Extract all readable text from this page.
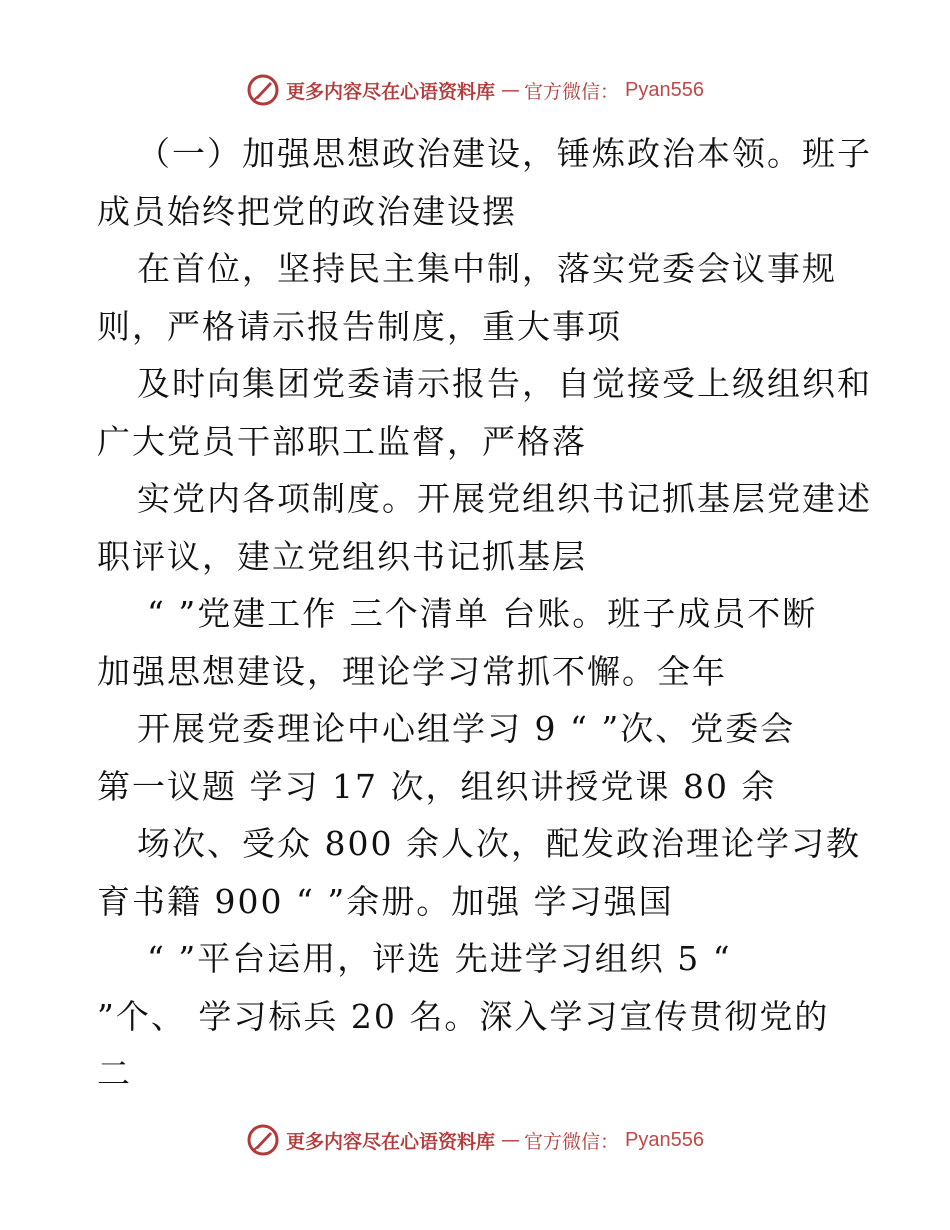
更多内容尽在心语资料库 — 官方微信： Pyan556
（一）加强思想政治建设，锤炼政治本领。班子
成员始终把党的政治建设摆
在首位，坚持民主集中制，落实党委会议事规
则，严格请示报告制度，重大事项
及时向集团党委请示报告，自觉接受上级组织和
广大党员干部职工监督，严格落
实党内各项制度。开展党组织书记抓基层党建述
职评议，建立党组织书记抓基层
“ ”党建工作 三个清单 台账。班子成员不断
加强思想建设，理论学习常抓不懈。全年
开展党委理论中心组学习 9 “ ”次、党委会
第一议题 学习 17 次，组织讲授党课 80 余
场次、受众 800 余人次，配发政治理论学习教
育书籍 900 “ ”余册。加强 学习强国
“ ”平台运用，评选 先进学习组织 5 “
”个、 学习标兵 20 名。深入学习宣传贯彻党的
二
更多内容尽在心语资料库 — 官方微信： Pyan556
